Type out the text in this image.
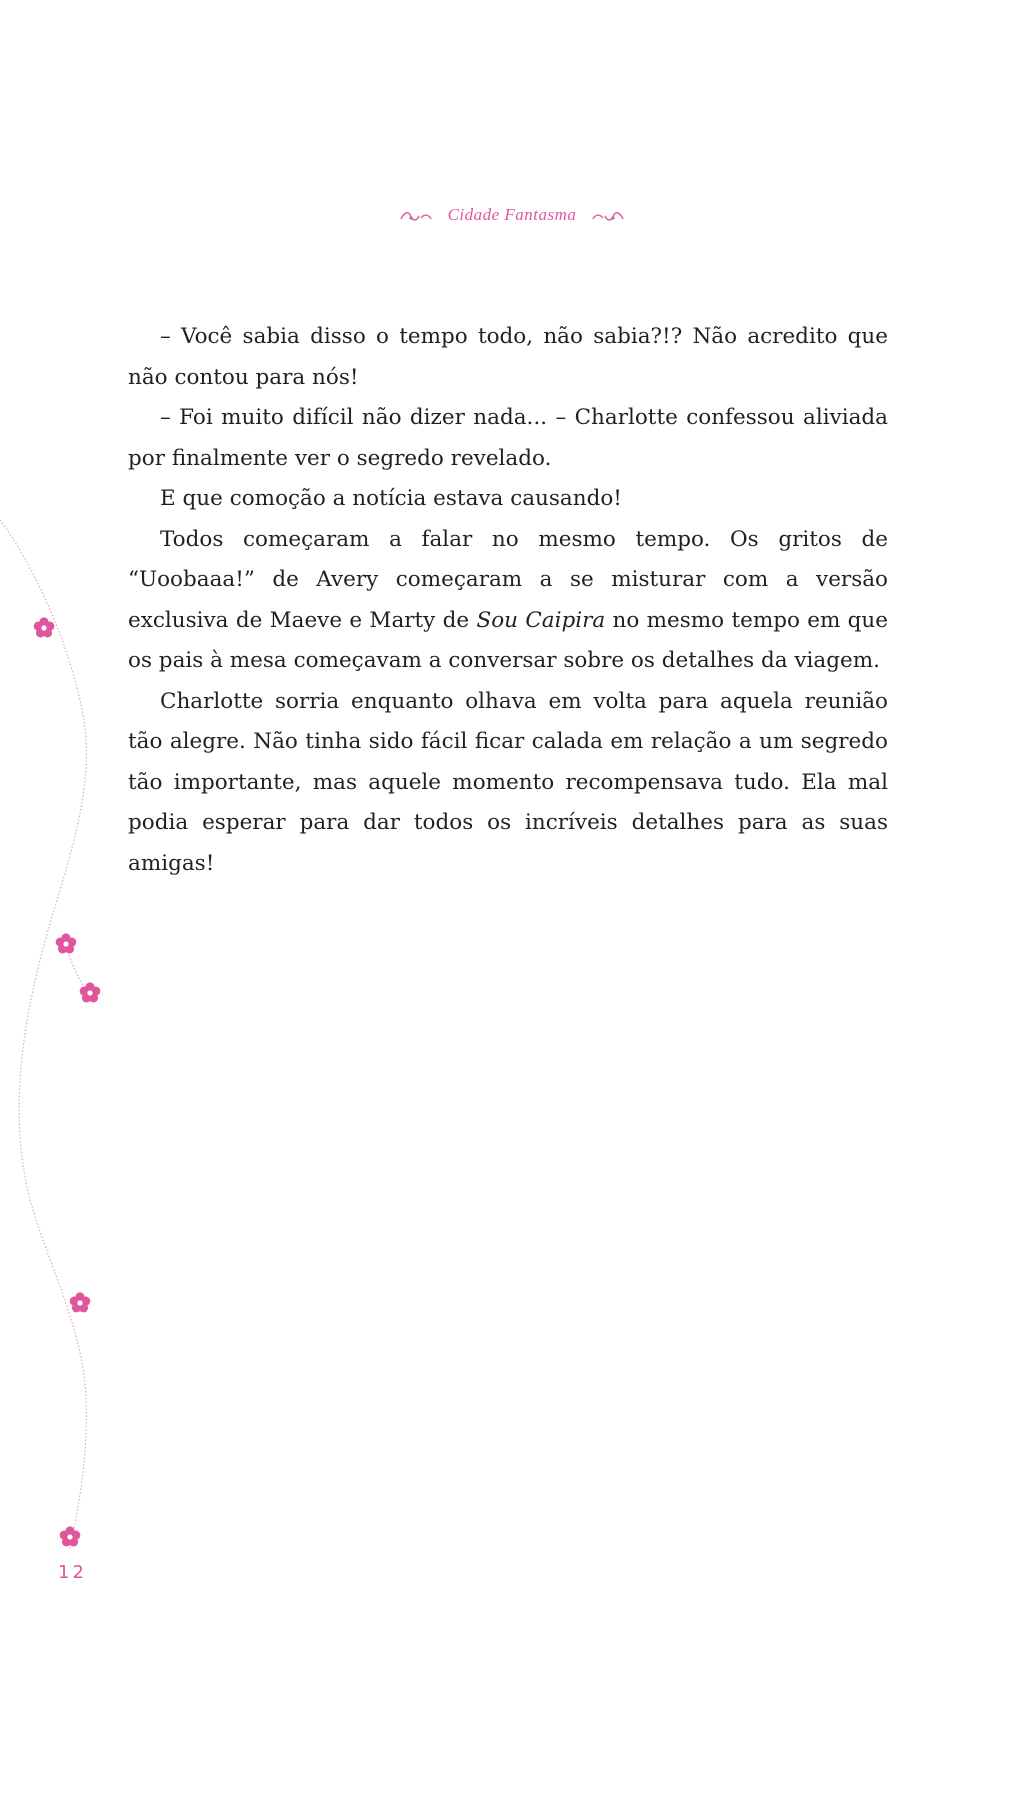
Cidade Fantasma

– Você sabia disso o tempo todo, não sabia?!? Não acredito que não contou para nós!

– Foi muito difícil não dizer nada... – Charlotte confessou aliviada por finalmente ver o segredo revelado.

E que comoção a notícia estava causando!

Todos começaram a falar no mesmo tempo. Os gritos de “Uoobaaa!” de Avery começaram a se misturar com a versão exclusiva de Maeve e Marty de Sou Caipira no mesmo tempo em que os pais à mesa começavam a conversar sobre os detalhes da viagem.

Charlotte sorria enquanto olhava em volta para aquela reunião tão alegre. Não tinha sido fácil ficar calada em relação a um segredo tão importante, mas aquele momento recompensava tudo. Ela mal podia esperar para dar todos os incríveis detalhes para as suas amigas!

12
